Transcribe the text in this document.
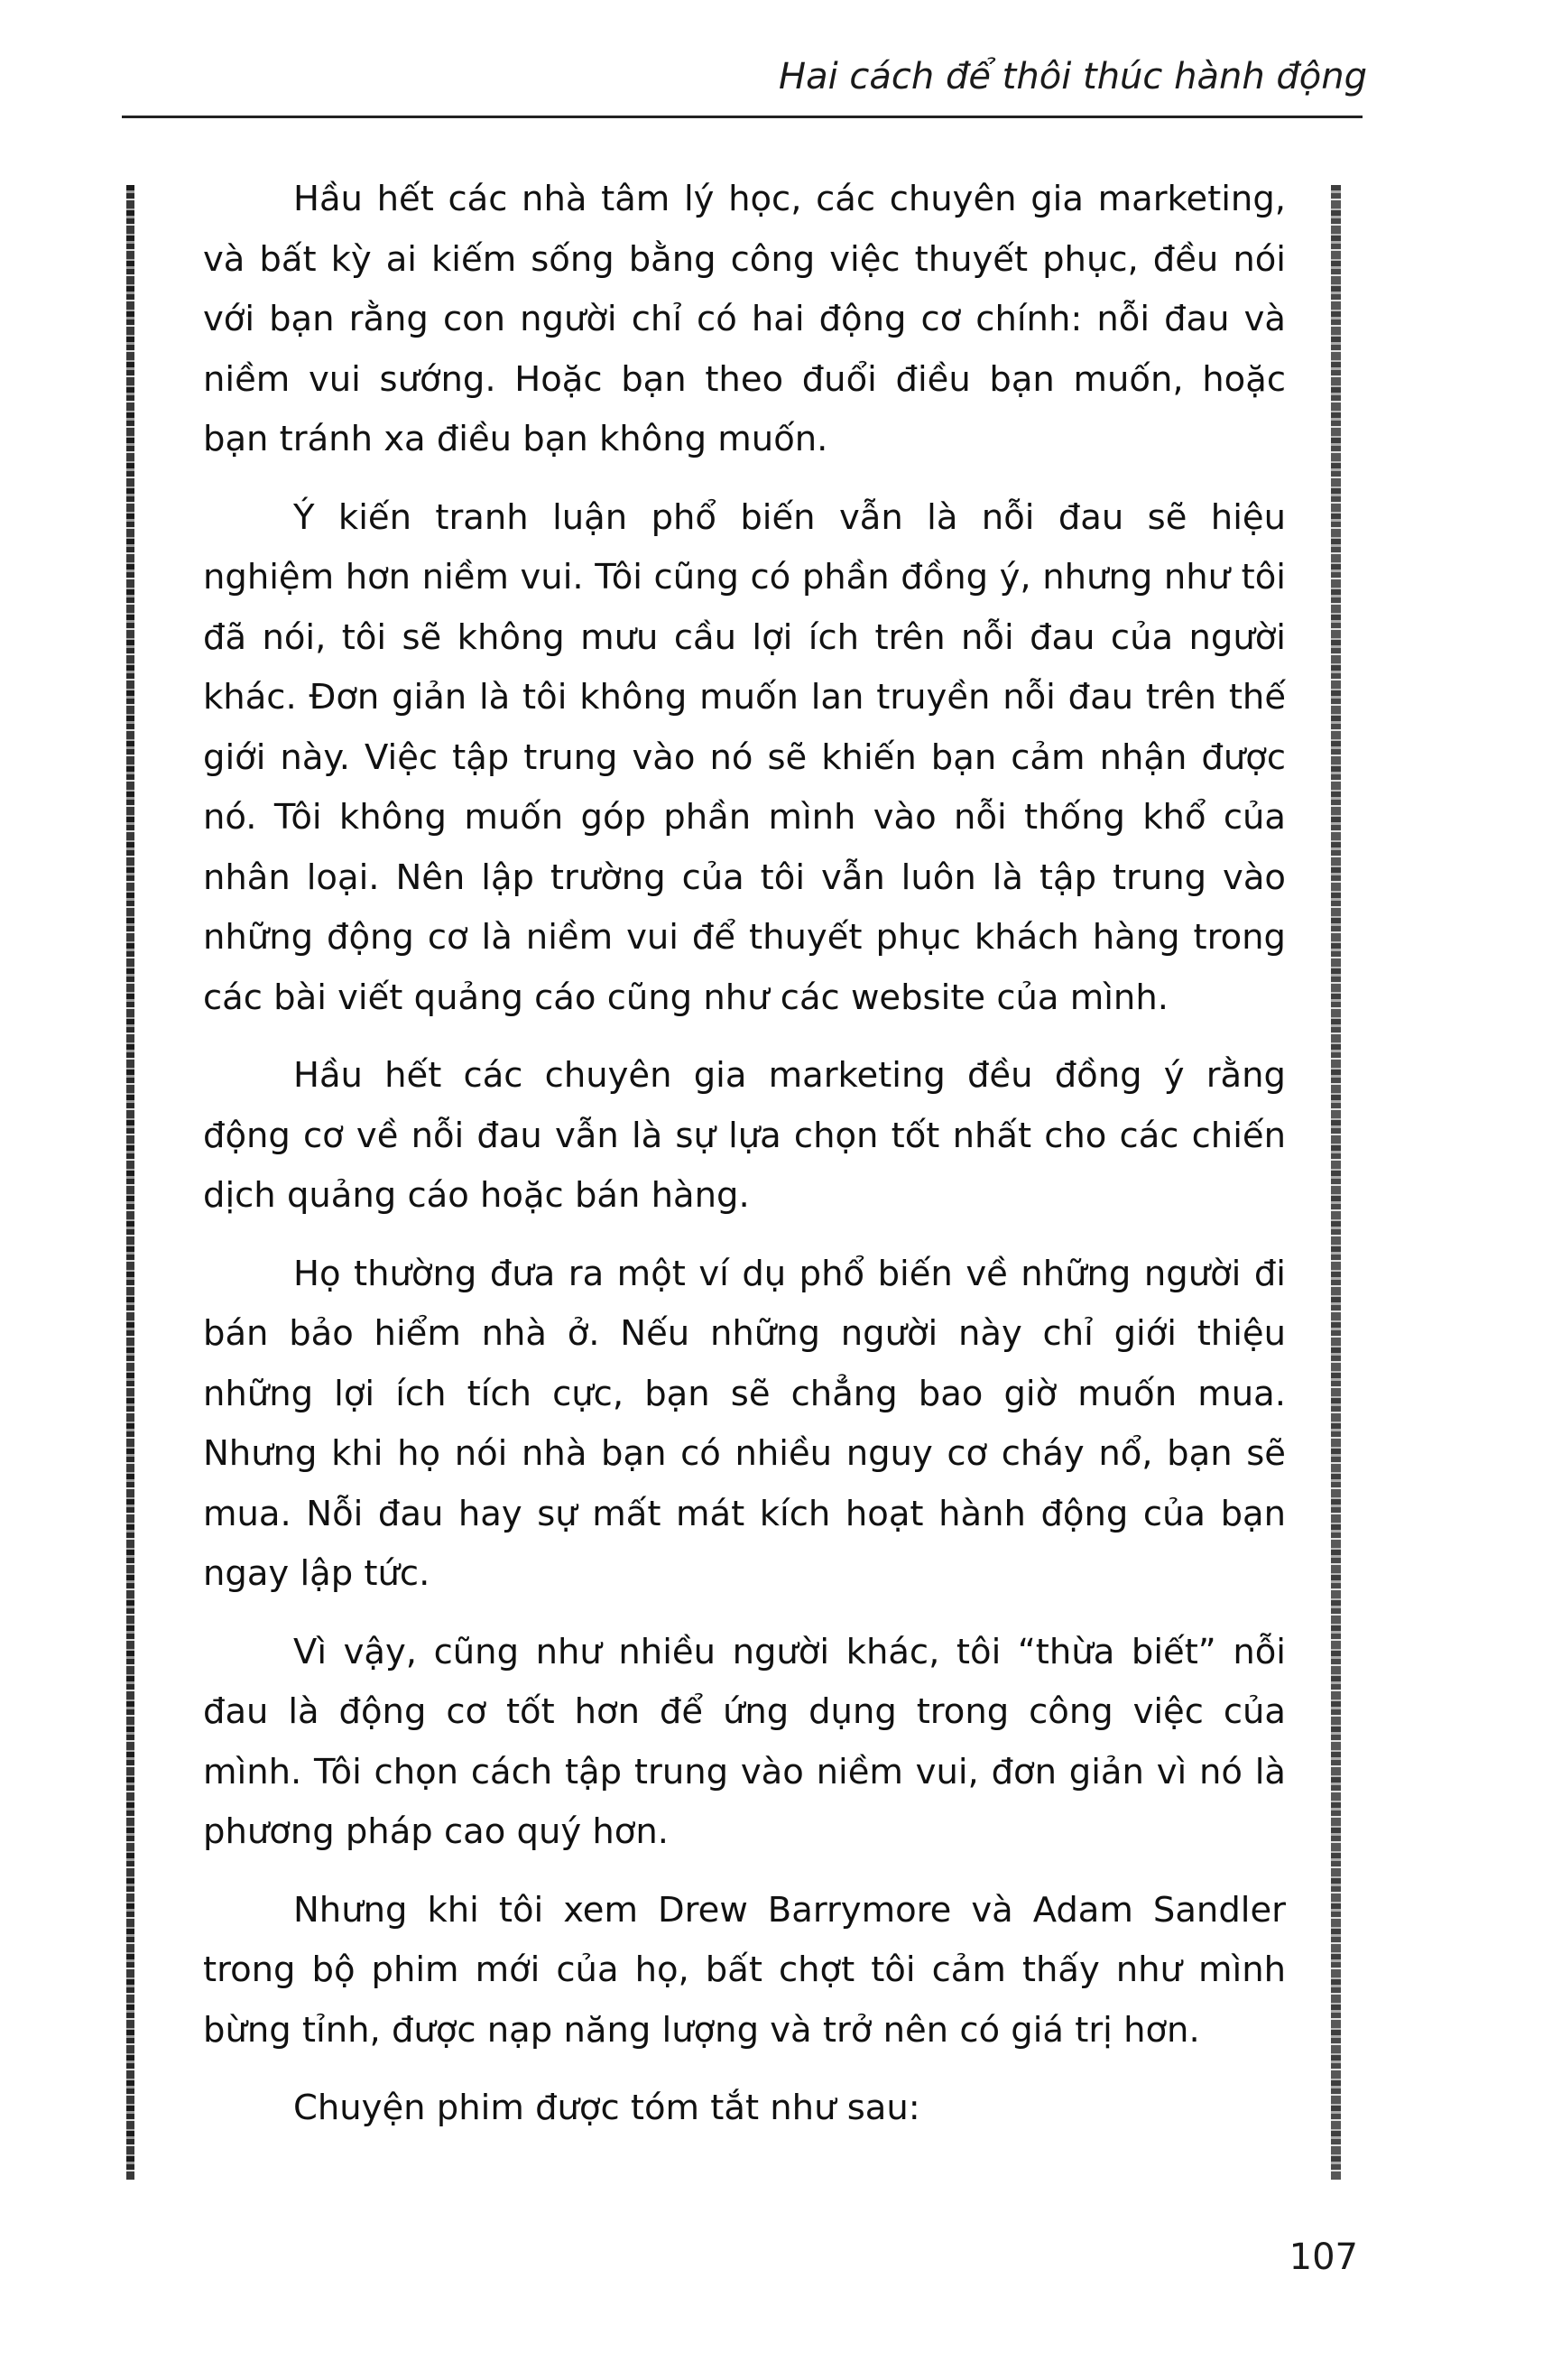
Hai cách để thôi thúc hành động

Hầu hết các nhà tâm lý học, các chuyên gia marketing, và bất kỳ ai kiếm sống bằng công việc thuyết phục, đều nói với bạn rằng con người chỉ có hai động cơ chính: nỗi đau và niềm vui sướng. Hoặc bạn theo đuổi điều bạn muốn, hoặc bạn tránh xa điều bạn không muốn.

Ý kiến tranh luận phổ biến vẫn là nỗi đau sẽ hiệu nghiệm hơn niềm vui. Tôi cũng có phần đồng ý, nhưng như tôi đã nói, tôi sẽ không mưu cầu lợi ích trên nỗi đau của người khác. Đơn giản là tôi không muốn lan truyền nỗi đau trên thế giới này. Việc tập trung vào nó sẽ khiến bạn cảm nhận được nó. Tôi không muốn góp phần mình vào nỗi thống khổ của nhân loại. Nên lập trường của tôi vẫn luôn là tập trung vào những động cơ là niềm vui để thuyết phục khách hàng trong các bài viết quảng cáo cũng như các website của mình.

Hầu hết các chuyên gia marketing đều đồng ý rằng động cơ về nỗi đau vẫn là sự lựa chọn tốt nhất cho các chiến dịch quảng cáo hoặc bán hàng.

Họ thường đưa ra một ví dụ phổ biến về những người đi bán bảo hiểm nhà ở. Nếu những người này chỉ giới thiệu những lợi ích tích cực, bạn sẽ chẳng bao giờ muốn mua. Nhưng khi họ nói nhà bạn có nhiều nguy cơ cháy nổ, bạn sẽ mua. Nỗi đau hay sự mất mát kích hoạt hành động của bạn ngay lập tức.

Vì vậy, cũng như nhiều người khác, tôi “thừa biết” nỗi đau là động cơ tốt hơn để ứng dụng trong công việc của mình. Tôi chọn cách tập trung vào niềm vui, đơn giản vì nó là phương pháp cao quý hơn.

Nhưng khi tôi xem Drew Barrymore và Adam Sandler trong bộ phim mới của họ, bất chợt tôi cảm thấy như mình bừng tỉnh, được nạp năng lượng và trở nên có giá trị hơn.

Chuyện phim được tóm tắt như sau:

107
